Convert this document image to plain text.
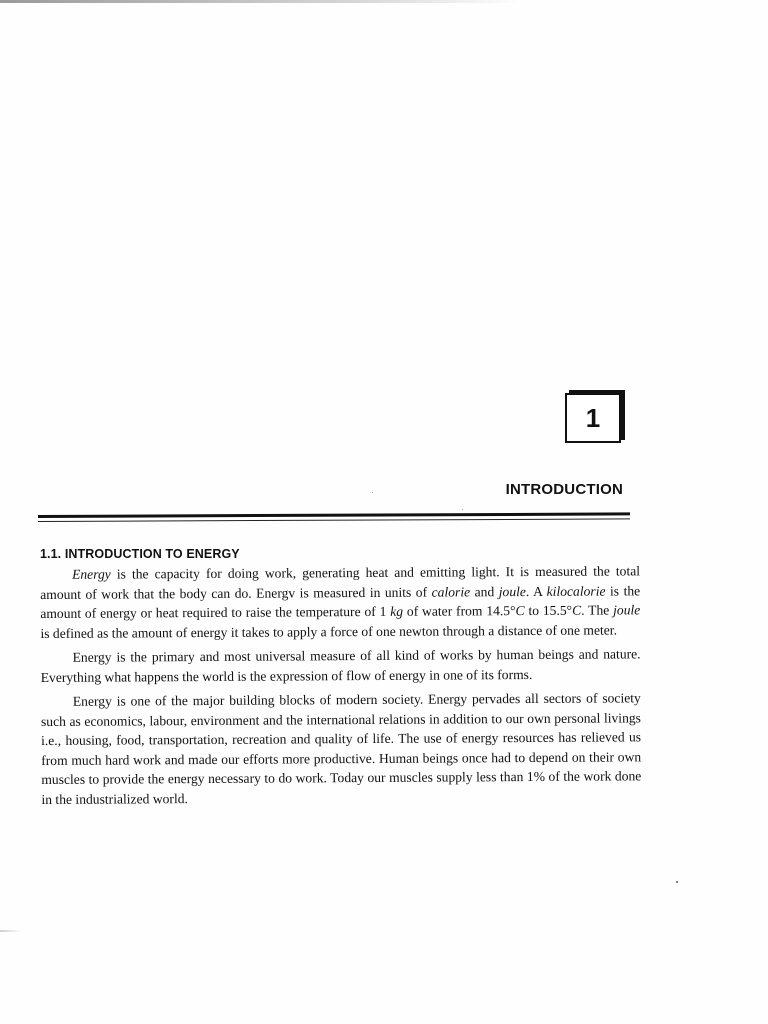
1
INTRODUCTION
1.1. INTRODUCTION TO ENERGY

Energy is the capacity for doing work, generating heat and emitting light. It is measured the total amount of work that the body can do. Energv is measured in units of calorie and joule. A kilocalorie is the amount of energy or heat required to raise the temperature of 1 kg of water from 14.5°C to 15.5°C. The joule is defined as the amount of energy it takes to apply a force of one newton through a distance of one meter.

Energy is the primary and most universal measure of all kind of works by human beings and nature. Everything what happens the world is the expression of flow of energy in one of its forms.

Energy is one of the major building blocks of modern society. Energy pervades all sectors of society such as economics, labour, environment and the international relations in addition to our own personal livings i.e., housing, food, transportation, recreation and quality of life. The use of energy resources has relieved us from much hard work and made our efforts more productive. Human beings once had to depend on their own muscles to provide the energy necessary to do work. Today our muscles supply less than 1% of the work done in the industrialized world.
